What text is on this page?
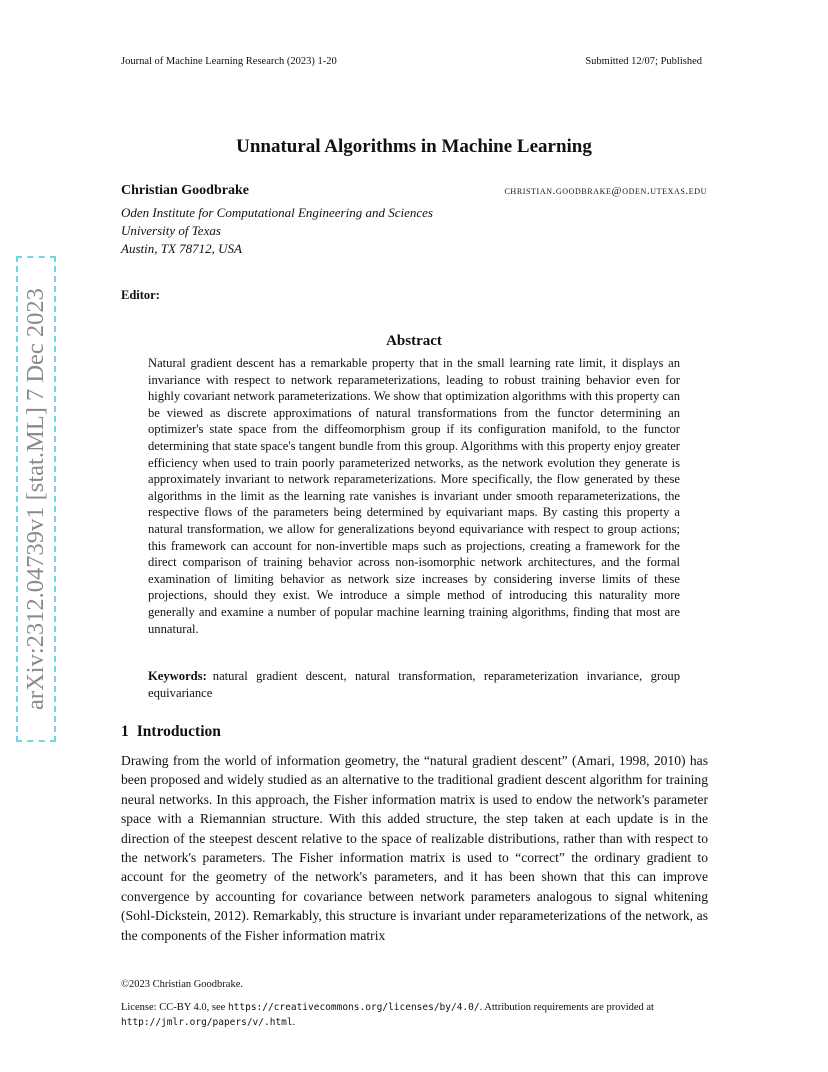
Journal of Machine Learning Research (2023) 1-20	Submitted 12/07; Published
Unnatural Algorithms in Machine Learning
Christian Goodbrake	christian.goodbrake@oden.utexas.edu
Oden Institute for Computational Engineering and Sciences
University of Texas
Austin, TX 78712, USA
Editor:
Abstract
Natural gradient descent has a remarkable property that in the small learning rate limit, it displays an invariance with respect to network reparameterizations, leading to robust training behavior even for highly covariant network parameterizations. We show that optimization algorithms with this property can be viewed as discrete approximations of natural transformations from the functor determining an optimizer's state space from the diffeomorphism group if its configuration manifold, to the functor determining that state space's tangent bundle from this group. Algorithms with this property enjoy greater efficiency when used to train poorly parameterized networks, as the network evolution they generate is approximately invariant to network reparameterizations. More specifically, the flow generated by these algorithms in the limit as the learning rate vanishes is invariant under smooth reparameterizations, the respective flows of the parameters being determined by equivariant maps. By casting this property a natural transformation, we allow for generalizations beyond equivariance with respect to group actions; this framework can account for non-invertible maps such as projections, creating a framework for the direct comparison of training behavior across non-isomorphic network architectures, and the formal examination of limiting behavior as network size increases by considering inverse limits of these projections, should they exist. We introduce a simple method of introducing this naturality more generally and examine a number of popular machine learning training algorithms, finding that most are unnatural.
Keywords: natural gradient descent, natural transformation, reparameterization invariance, group equivariance
1 Introduction
Drawing from the world of information geometry, the “natural gradient descent” (Amari, 1998, 2010) has been proposed and widely studied as an alternative to the traditional gradient descent algorithm for training neural networks. In this approach, the Fisher information matrix is used to endow the network's parameter space with a Riemannian structure. With this added structure, the step taken at each update is in the direction of the steepest descent relative to the space of realizable distributions, rather than with respect to the network's parameters. The Fisher information matrix is used to “correct” the ordinary gradient to account for the geometry of the network's parameters, and it has been shown that this can improve convergence by accounting for covariance between network parameters analogous to signal whitening (Sohl-Dickstein, 2012). Remarkably, this structure is invariant under reparameterizations of the network, as the components of the Fisher information matrix
©2023 Christian Goodbrake.
License: CC-BY 4.0, see https://creativecommons.org/licenses/by/4.0/. Attribution requirements are provided at http://jmlr.org/papers/v/.html.
arXiv:2312.04739v1 [stat.ML] 7 Dec 2023
